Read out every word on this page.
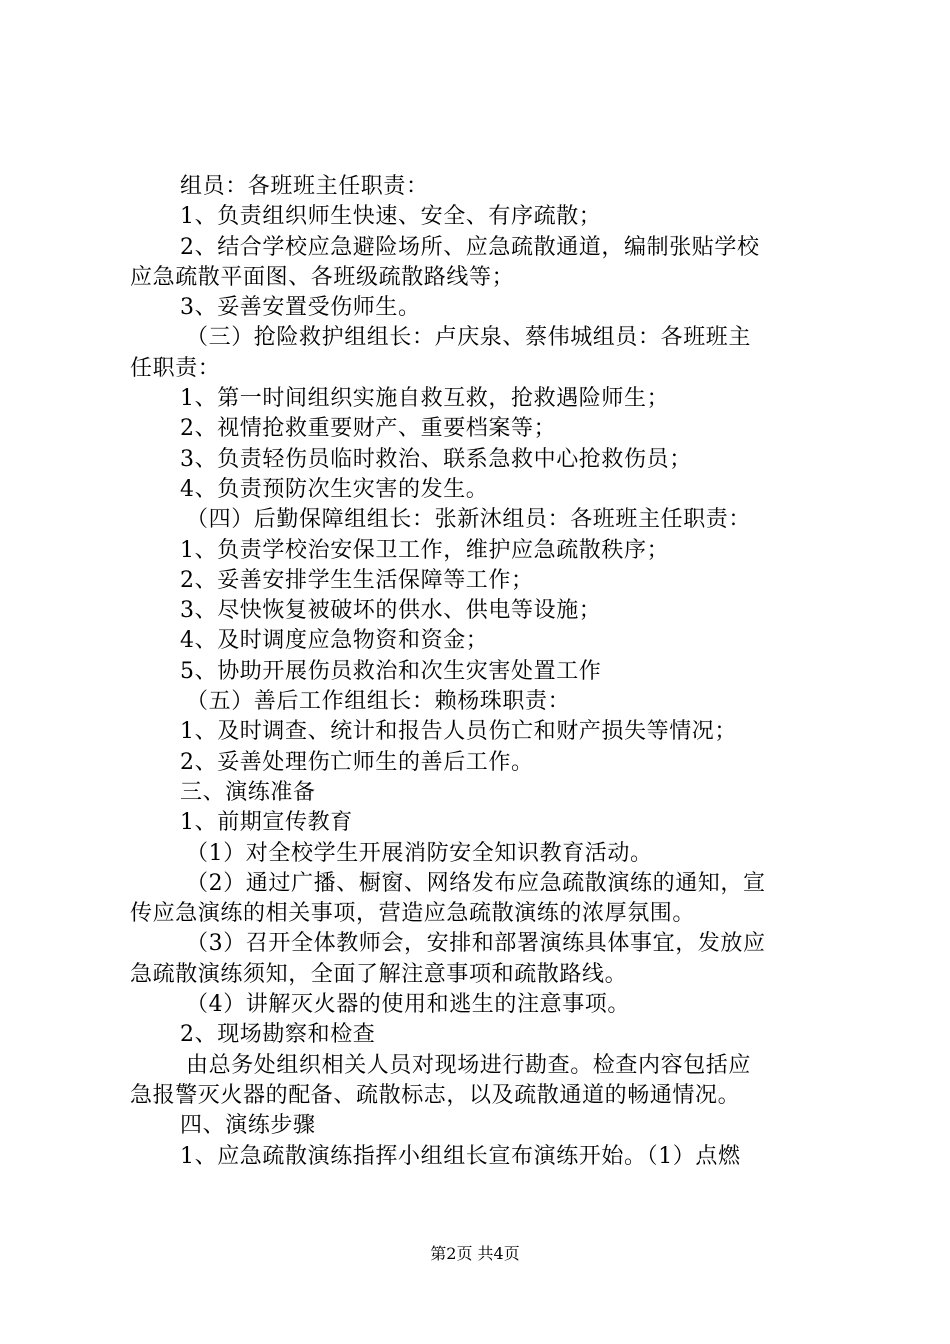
组员：各班班主任职责：
1、负责组织师生快速、安全、有序疏散；
2、结合学校应急避险场所、应急疏散通道，编制张贴学校
应急疏散平面图、各班级疏散路线等；
3、妥善安置受伤师生。
（三）抢险救护组组长：卢庆泉、蔡伟城组员：各班班主
任职责：
1、第一时间组织实施自救互救，抢救遇险师生；
2、视情抢救重要财产、重要档案等；
3、负责轻伤员临时救治、联系急救中心抢救伤员；
4、负责预防次生灾害的发生。
（四）后勤保障组组长：张新沐组员：各班班主任职责：
1、负责学校治安保卫工作，维护应急疏散秩序；
2、妥善安排学生生活保障等工作；
3、尽快恢复被破坏的供水、供电等设施；
4、及时调度应急物资和资金；
5、协助开展伤员救治和次生灾害处置工作
（五）善后工作组组长：赖杨珠职责：
1、及时调查、统计和报告人员伤亡和财产损失等情况；
2、妥善处理伤亡师生的善后工作。
三、演练准备
1、前期宣传教育
（1）对全校学生开展消防安全知识教育活动。
（2）通过广播、橱窗、网络发布应急疏散演练的通知，宣
传应急演练的相关事项，营造应急疏散演练的浓厚氛围。
（3）召开全体教师会，安排和部署演练具体事宜，发放应
急疏散演练须知，全面了解注意事项和疏散路线。
（4）讲解灭火器的使用和逃生的注意事项。
2、现场勘察和检查
由总务处组织相关人员对现场进行勘查。检查内容包括应
急报警灭火器的配备、疏散标志，以及疏散通道的畅通情况。
四、演练步骤
1、应急疏散演练指挥小组组长宣布演练开始。（1）点燃
第2页 共4页
